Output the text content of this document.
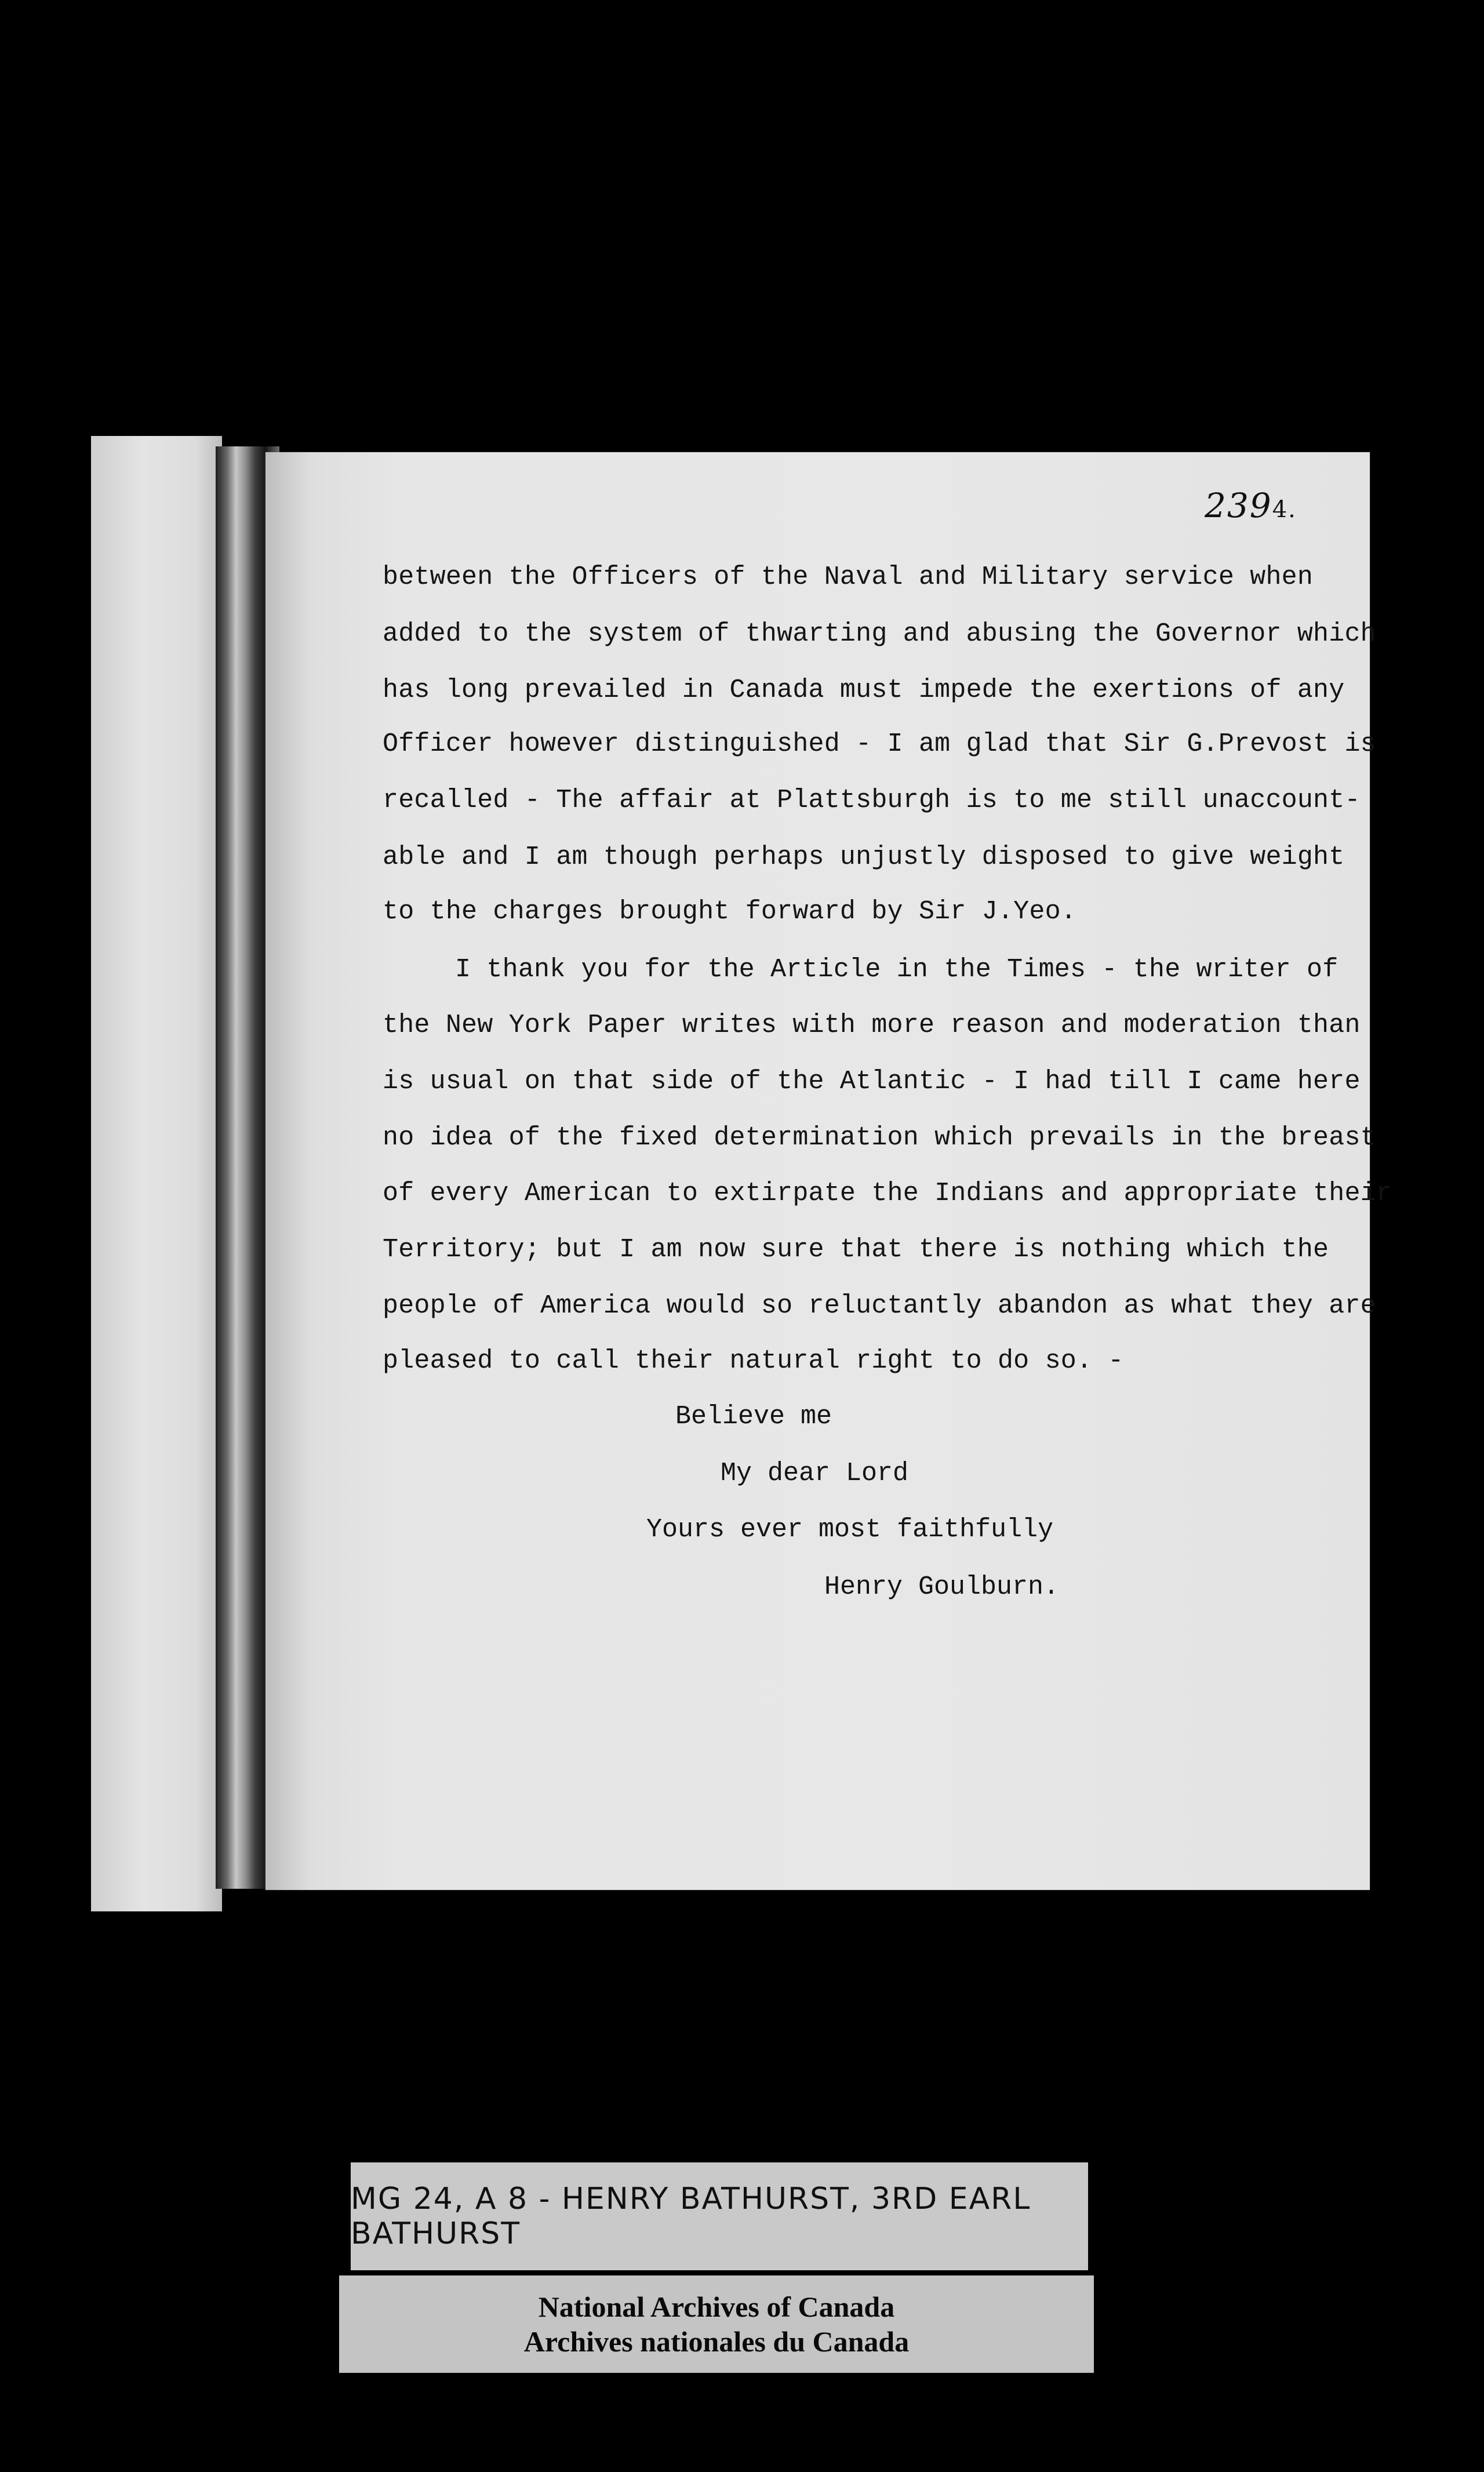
2394.
between the Officers of the Naval and Military service when
added to the system of thwarting and abusing the Governor which
has long prevailed in Canada must impede the exertions of any
Officer however distinguished - I am glad that Sir G.Prevost is
recalled - The affair at Plattsburgh is to me still unaccount-
able and I am though perhaps unjustly disposed to give weight
to the charges brought forward by Sir J.Yeo.
I thank you for the Article in the Times - the writer of
the New York Paper writes with more reason and moderation than
is usual on that side of the Atlantic - I had till I came here
no idea of the fixed determination which prevails in the breast
of every American to extirpate the Indians and appropriate their
Territory; but I am now sure that there is nothing which the
people of America would so reluctantly abandon as what they are
pleased to call their natural right to do so. -
Believe me
My dear Lord
Yours ever most faithfully
Henry Goulburn.
MG 24, A 8 - HENRY BATHURST, 3RD EARL BATHURST
National Archives of Canada
Archives nationales du Canada
